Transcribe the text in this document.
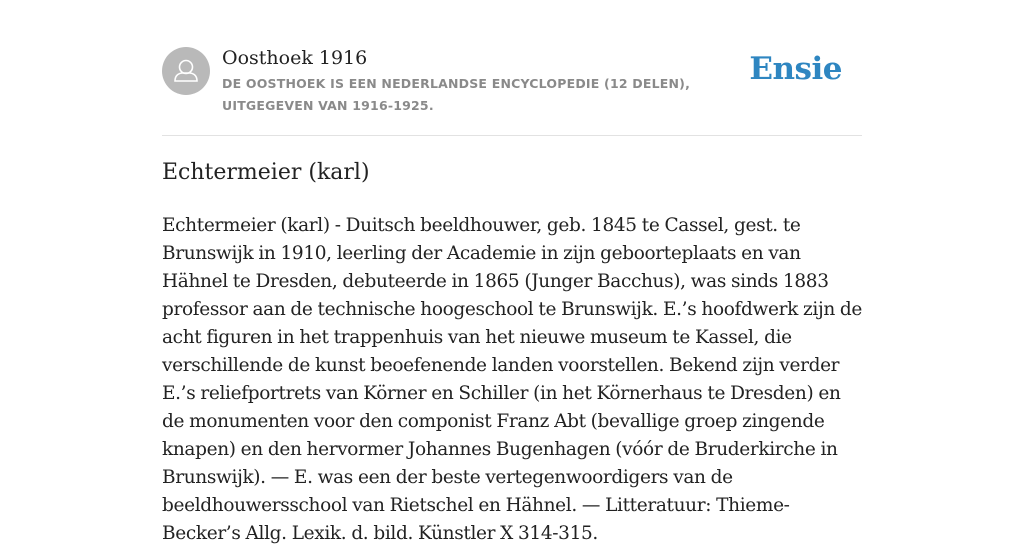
Oosthoek 1916
DE OOSTHOEK IS EEN NEDERLANDSE ENCYCLOPEDIE (12 DELEN), UITGEGEVEN VAN 1916-1925.
Ensie
Echtermeier (karl)

Echtermeier (karl) - Duitsch beeldhouwer, geb. 1845 te Cassel, gest. te Brunswijk in 1910, leerling der Academie in zijn geboorteplaats en van Hähnel te Dresden, debuteerde in 1865 (Junger Bacchus), was sinds 1883 professor aan de technische hoogeschool te Brunswijk. E.’s hoofdwerk zijn de acht figuren in het trappenhuis van het nieuwe museum te Kassel, die verschillende de kunst beoefenende landen voorstellen. Bekend zijn verder E.’s reliefportrets van Körner en Schiller (in het Körnerhaus te Dresden) en de monumenten voor den componist Franz Abt (bevallige groep zingende knapen) en den hervormer Johannes Bugenhagen (vóór de Bruderkirche in Brunswijk). — E. was een der beste vertegenwoordigers van de beeldhouwersschool van Rietschel en Hähnel. — Litteratuur: Thieme-Becker’s Allg. Lexik. d. bild. Künstler X 314-315.
